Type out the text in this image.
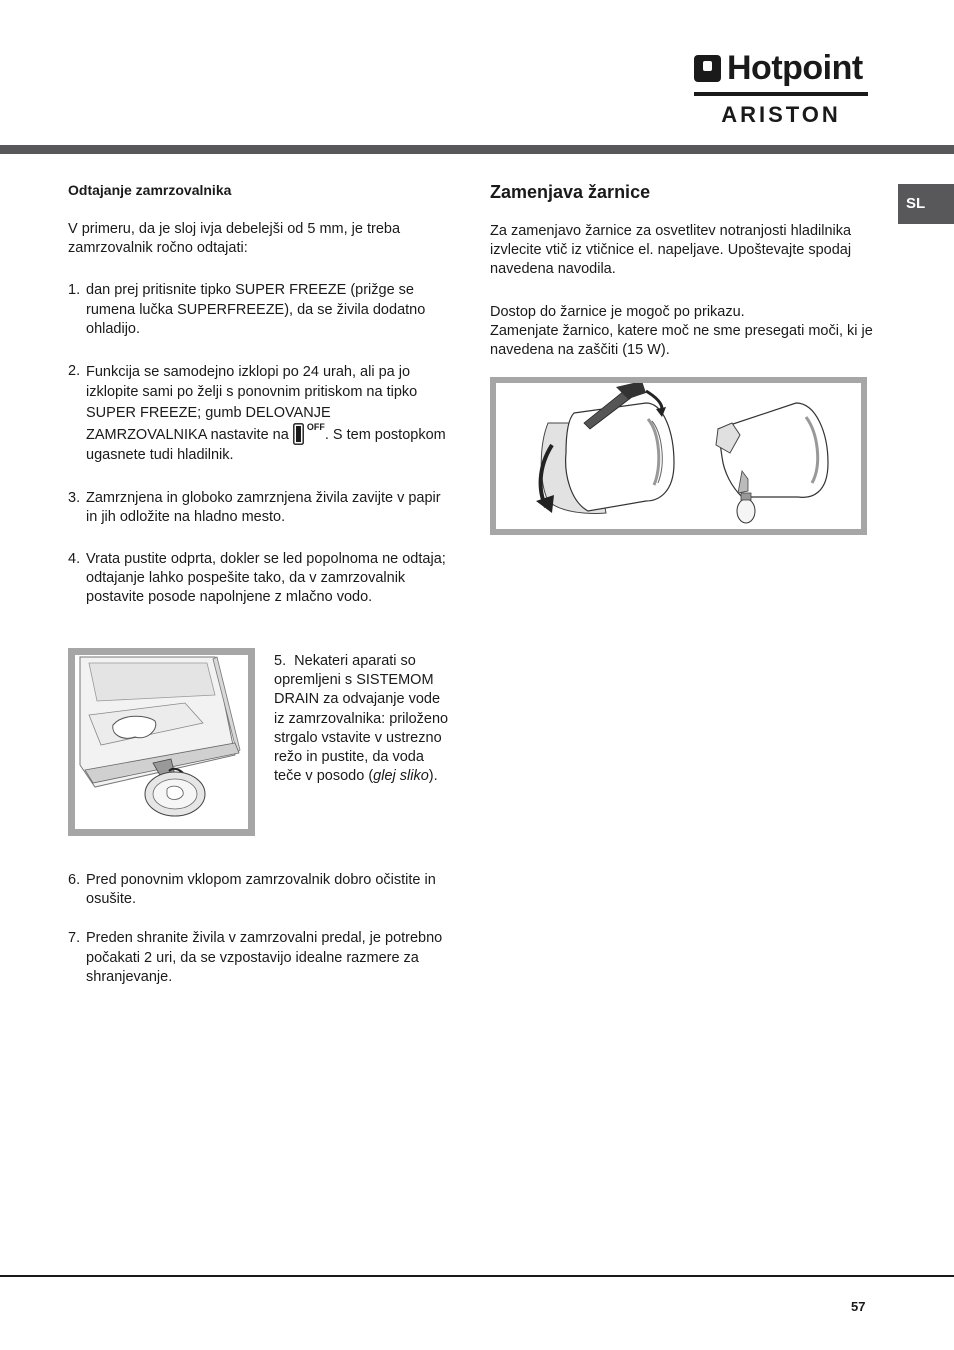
Hotpoint
ARISTON
SL

Odtajanje zamrzovalnika

V primeru, da je sloj ivja debelejši od 5 mm, je treba zamrzovalnik ročno odtajati:

1. dan prej pritisnite tipko SUPER FREEZE (prižge se rumena lučka SUPERFREEZE), da se živila dodatno ohladijo.
2. Funkcija se samodejno izklopi po 24 urah, ali pa jo izklopite sami po želji s ponovnim pritiskom na tipko SUPER FREEZE; gumb DELOVANJE ZAMRZOVALNIKA nastavite na OFF . S tem postopkom ugasnete tudi hladilnik.
3. Zamrznjena in globoko zamrznjena živila zavijte v papir in jih odložite na hladno mesto.
4. Vrata pustite odprta, dokler se led popolnoma ne odtaja; odtajanje lahko pospešite tako, da v zamrzovalnik postavite posode napolnjene z mlačno vodo.
5. Nekateri aparati so opremljeni s SISTEMOM DRAIN za odvajanje vode iz zamrzovalnika: priloženo strgalo vstavite v ustrezno režo in pustite, da voda teče v posodo (glej sliko).
6. Pred ponovnim vklopom zamrzovalnik dobro očistite in osušite.
7. Preden shranite živila v zamrzovalni predal, je potrebno počakati 2 uri, da se vzpostavijo idealne razmere za shranjevanje.

Zamenjava žarnice

Za zamenjavo žarnice za osvetlitev notranjosti hladilnika izvlecite vtič iz vtičnice el. napeljave. Upoštevajte spodaj navedena navodila.

Dostop do žarnice je mogoč po prikazu.

Zamenjate žarnico, katere moč ne sme presegati moči, ki je navedena na zaščiti (15 W).

57
